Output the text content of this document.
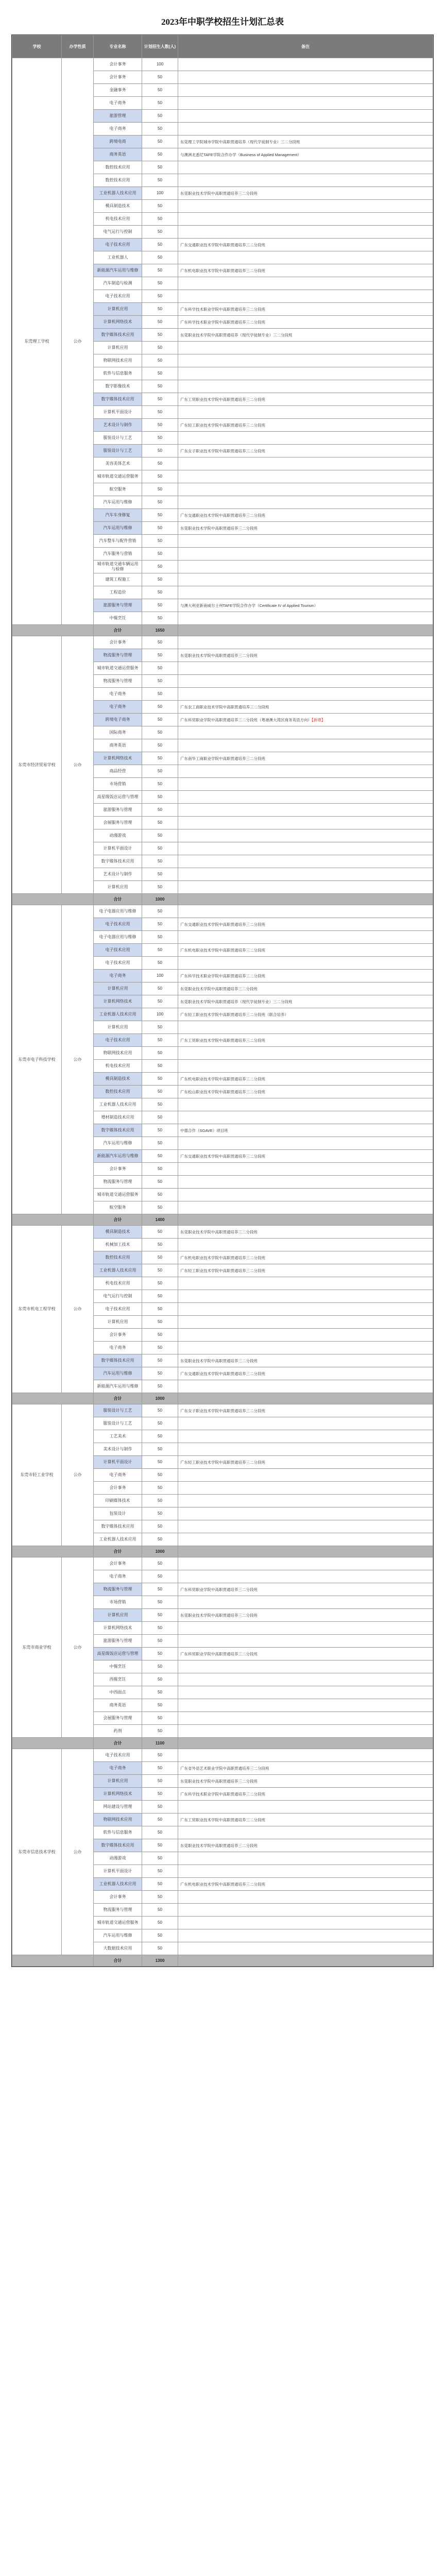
2023年中职学校招生计划汇总表
学校	办学性质	专业名称	计划招生人数(人)	备注
东莞理工学校	公办	会计事务	100	
		会计事务	50	
		金融事务	50	
		电子商务	50	
		旅游管理	50	
		电子商务	50	
		跨境电商	50	东莞理工学院城市学院中高职贯通培养（现代学徒制专业）三二分段班
		商务英语	50	与澳洲北悉尼TAFE学院合作办学（Business of Applied Management）
		数控技术应用	50	
		数控技术应用	50	
		工业机器人技术应用	100	东莞职业技术学院中高职贯通培养三二分段班
		模具制造技术	50	
		机电技术应用	50	
		电气运行与控制	50	
		电子技术应用	50	广东交通职业技术学院中高职贯通培养三二分段班
		工业机器人	50	
		新能源汽车运用与维修	50	广东机电职业技术学院中高职贯通培养三二分段班
		汽车制造与检测	50	
		电子技术应用	50	
		计算机应用	50	广东科学技术职业学院中高职贯通培养三二分段班
		计算机网络技术	50	广东科学技术职业学院中高职贯通培养三二分段班
		数字媒体技术应用	50	东莞职业技术学院中高职贯通培养（现代学徒制专业）三二分段班
		计算机应用	50	
		物联网技术应用	50	
		软件与信息服务	50	
		数字影像技术	50	
		数字媒体技术应用	50	广东工贸职业技术学院中高职贯通培养三二分段班
		计算机平面设计	50	
		艺术设计与制作	50	广东轻工职业技术学院中高职贯通培养三二分段班
		服装设计与工艺	50	
		服装设计与工艺	50	广东女子职业技术学院中高职贯通培养三二分段班
		美容美体艺术	50	
		城市轨道交通运营服务	50	
		航空服务	50	
		汽车运用与维修	50	
		汽车车身修复	50	广东交通职业技术学院中高职贯通培养三二分段班
		汽车运用与维修	50	东莞职业技术学院中高职贯通培养三二分段班
		汽车整车与配件营销	50	
		汽车服务与营销	50	
		城市轨道交通车辆运用与检修	50	
		建筑工程施工	50	
		工程造价	50	
		旅游服务与管理	50	与澳大利亚新南威尔士州TAFE学院合作办学（Certificate IV of Applied Tourism）
		中餐烹饪	50	
		合计	1650	
东莞市经济贸易学校	公办	会计事务	50	
		物流服务与管理	50	东莞职业技术学院中高职贯通培养三二分段班
		城市轨道交通运营服务	50	
		物流服务与管理	50	
		电子商务	50	
		电子商务	50	广东农工商职业技术学院中高职贯通培养三二分段班
		跨境电子商务	50	广东科贸职业学院中高职贯通培养三二分段班（粤港澳大湾区商务英语方向）【新增】
		国际商务	50	
		商务英语	50	
		计算机网络技术	50	广东南华工商职业学院中高职贯通培养三二分段班
		商品经营	50	
		市场营销	50	
		高星级饭店运营与管理	50	
		旅游服务与管理	50	
		会展服务与管理	50	
		动漫游戏	50	
		计算机平面设计	50	
		数字媒体技术应用	50	
		艺术设计与制作	50	
		计算机应用	50	
		合计	1000	
东莞市电子科技学校	公办	电子电器应用与维修	50	
		电子技术应用	50	广东交通职业技术学院中高职贯通培养三二分段班
		电子电器应用与维修	50	
		电子技术应用	50	广东机电职业技术学院中高职贯通培养三二分段班
		电子技术应用	50	
		电子商务	100	广东科学技术职业学院中高职贯通培养三二分段班
		计算机应用	50	东莞职业技术学院中高职贯通培养三二分段班
		计算机网络技术	50	东莞职业技术学院中高职贯通培养（现代学徒制专业）三二分段班
		工业机器人技术应用	100	广东轻工职业技术学院中高职贯通培养三二分段班（联合培养）
		计算机应用	50	
		电子技术应用	50	广东工贸职业技术学院中高职贯通培养三二分段班
		物联网技术应用	50	
		机电技术应用	50	
		模具制造技术	50	广东机电职业技术学院中高职贯通培养三二分段班
		数控技术应用	50	广东松山职业技术学院中高职贯通培养三二分段班
		工业机器人技术应用	50	
		增材制造技术应用	50	
		数字媒体技术应用	50	中德合作（SGAVE）项目班
		汽车运用与维修	50	
		新能源汽车运用与维修	50	广东交通职业技术学院中高职贯通培养三二分段班
		会计事务	50	
		物流服务与管理	50	
		城市轨道交通运营服务	50	
		航空服务	50	
		合计	1400	
东莞市机电工程学校	公办	模具制造技术	50	东莞职业技术学院中高职贯通培养三二分段班
		机械加工技术	50	
		数控技术应用	50	广东机电职业技术学院中高职贯通培养三二分段班
		工业机器人技术应用	50	广东轻工职业技术学院中高职贯通培养三二分段班
		机电技术应用	50	
		电气运行与控制	50	
		电子技术应用	50	
		计算机应用	50	
		会计事务	50	
		电子商务	50	
		数字媒体技术应用	50	东莞职业技术学院中高职贯通培养三二分段班
		汽车运用与维修	50	广东交通职业技术学院中高职贯通培养三二分段班
		新能源汽车运用与维修	50	
		合计	1000	
东莞市轻工业学校	公办	服装设计与工艺	50	广东女子职业技术学院中高职贯通培养三二分段班
		服装设计与工艺	50	
		工艺美术	50	
		美术设计与制作	50	
		计算机平面设计	50	广东轻工职业技术学院中高职贯通培养三二分段班
		电子商务	50	
		会计事务	50	
		印刷媒体技术	50	
		包装设计	50	
		数字媒体技术应用	50	
		工业机器人技术应用	50	
		合计	1000	
东莞市商业学校	公办	会计事务	50	
		电子商务	50	
		物流服务与管理	50	广东科贸职业学院中高职贯通培养三二分段班
		市场营销	50	
		计算机应用	50	东莞职业技术学院中高职贯通培养三二分段班
		计算机网络技术	50	
		旅游服务与管理	50	
		高星级饭店运营与管理	50	广东科贸职业学院中高职贯通培养三二分段班
		中餐烹饪	50	
		西餐烹饪	50	
		中西面点	50	
		商务英语	50	
		会展服务与管理	50	
		药剂	50	
		合计	1100	
东莞市信息技术学校	公办	电子技术应用	50	
		电子商务	50	广东省外语艺术职业学院中高职贯通培养三二分段班
		计算机应用	50	东莞职业技术学院中高职贯通培养三二分段班
		计算机网络技术	50	广东科学技术职业学院中高职贯通培养三二分段班
		网站建设与管理	50	
		物联网技术应用	50	广东工贸职业技术学院中高职贯通培养三二分段班
		软件与信息服务	50	
		数字媒体技术应用	50	东莞职业技术学院中高职贯通培养三二分段班
		动漫游戏	50	
		计算机平面设计	50	
		工业机器人技术应用	50	广东机电职业技术学院中高职贯通培养三二分段班
		会计事务	50	
		物流服务与管理	50	
		城市轨道交通运营服务	50	
		汽车运用与维修	50	
		大数据技术应用	50	
		合计	1300	
